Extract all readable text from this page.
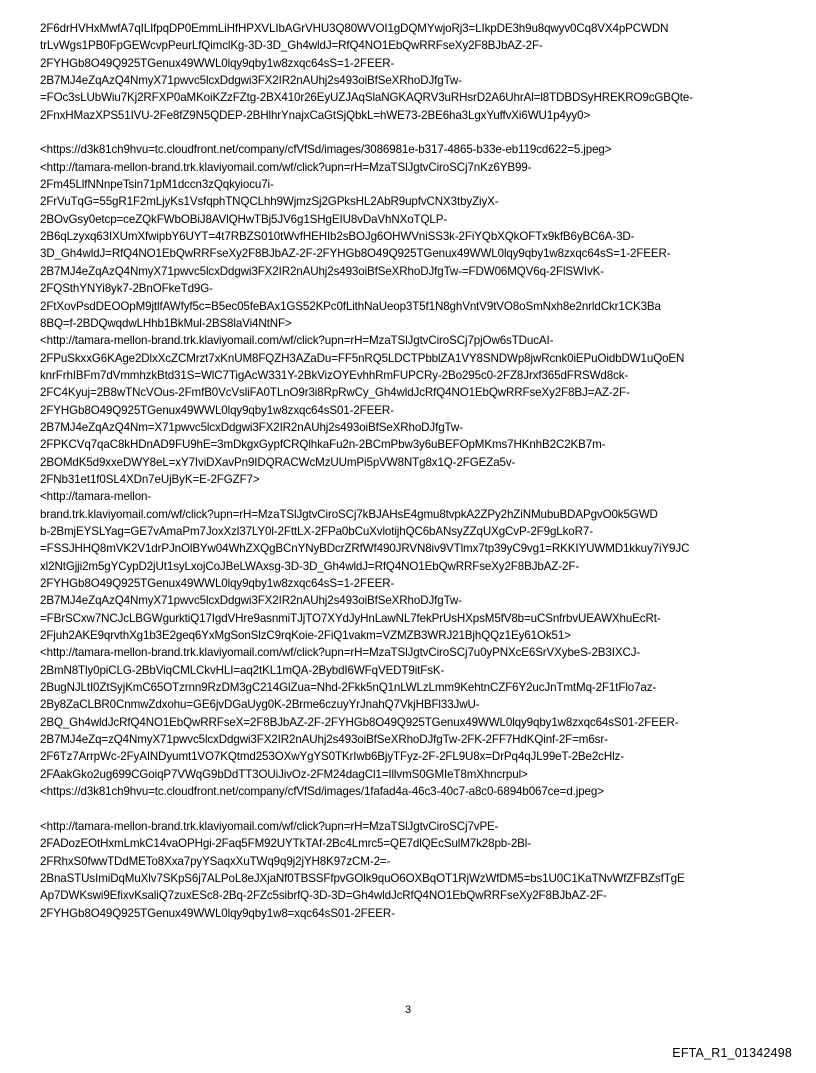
2F6drHVHxMwfA7qILIfpqDP0EmmLiHfHPXVLIbAGrVHU3Q80WVOI1gDQMYwjoRj3=LIkpDE3h9u8qwyv0Cq8VX4pPCWDN
trLvWgs1PB0FpGEWcvpPeurLfQimclKg-3D-3D_Gh4wldJ=RfQ4NO1EbQwRRFseXy2F8BJbAZ-2F-
2FYHGb8O49Q925TGenux49WWL0lqy9qby1w8zxqc64sS=1-2FEER-
2B7MJ4eZqAzQ4NmyX71pwvc5lcxDdgwi3FX2IR2nAUhj2s493oiBfSeXRhoDJfgTw-
=FOc3sLUbWiu7Kj2RFXP0aMKoiKZzFZtg-2BX410r26EyUZJAqSlaNGKAQRV3uRHsrD2A6UhrAl=l8TDBDSyHREKRO9cGBQte-
2FnxHMazXPS51IVU-2Fe8fZ9N5QDEP-2BHlhrYnajxCaGtSjQbkL=hWE73-2BE6ha3LgxYuffvXi6WU1p4yy0>
<https://d3k81ch9hvu=tc.cloudfront.net/company/cfVfSd/images/3086981e-b317-4865-b33e-eb119cd622=5.jpeg>
<http://tamara-mellon-brand.trk.klaviyomail.com/wf/click?upn=rH=MzaTSlJgtvCiroSCj7nKz6YB99-
2Fm45LlfNNnpeTsin71pM1dccn3zQqkyiocu7i-
2FrVuTqG=55gR1F2mLjyKs1VsfqphTNQCLhh9WjmzSj2GPksHL2AbR9upfvCNX3tbyZiyX-
2BOvGsy0etcp=ceZQkFWbOBiJ8AVlQHwTBj5JV6g1SHgEIU8vDaVhNXoTQLP-
2B6qLzyxq63IXUmXfwipbY6UYT=4t7RBZS010tWvfHEHIb2sBOJg6OHWVniSS3k-2FiYQbXQkOFTx9kfB6yBC6A-3D-
3D_Gh4wldJ=RfQ4NO1EbQwRRFseXy2F8BJbAZ-2F-2FYHGb8O49Q925TGenux49WWL0lqy9qby1w8zxqc64sS=1-2FEER-
2B7MJ4eZqAzQ4NmyX71pwvc5lcxDdgwi3FX2IR2nAUhj2s493oiBfSeXRhoDJfgTw-=FDW06MQV6q-2FlSWIvK-
2FQSthYNYi8yk7-2BnOFkeTd9G-
2FtXovPsdDEOOpM9jtlfAWfyf5c=B5ec05feBAx1GS52KPc0fLithNaUeop3T5f1N8ghVntV9tVO8oSmNxh8e2nrldCkr1CK3Ba
8BQ=f-2BDQwqdwLHhb1BkMul-2BS8laVi4NtNF>
<http://tamara-mellon-brand.trk.klaviyomail.com/wf/click?upn=rH=MzaTSlJgtvCiroSCj7pjOw6sTDucAI-
2FPuSkxxG6KAge2DlxXcZCMrzt7xKnUM8FQZH3AZaDu=FF5nRQ5LDCTPbblZA1VY8SNDWp8jwRcnk0iEPuOidbDW1uQoEN
knrFrhIBFm7dVmmhzkBtd31S=WlC7TigAcW331Y-2BkVizOYEvhhRmFUPCRy-2Bo295c0-2FZ8Jrxf365dFRSWd8ck-
2FC4Kyuj=2B8wTNcVOus-2FmfB0VcVsliFA0TLnO9r3i8RpRwCy_Gh4wldJcRfQ4NO1EbQwRRFseXy2F8BJ=AZ-2F-
2FYHGb8O49Q925TGenux49WWL0lqy9qby1w8zxqc64sS01-2FEER-
2B7MJ4eZqAzQ4Nm=X71pwvc5lcxDdgwi3FX2IR2nAUhj2s493oiBfSeXRhoDJfgTw-
2FPKCVq7qaC8kHDnAD9FU9hE=3mDkgxGypfCRQlhkaFu2n-2BCmPbw3y6uBEFOpMKms7HKnhB2C2KB7m-
2BOMdK5d9xxeDWY8eL=xY7IviDXavPn9IDQRACWcMzUUmPi5pVW8NTg8x1Q-2FGEZa5v-
2FNb31et1f0SL4XDn7eUjByK=E-2FGZF7>
<http://tamara-mellon-
brand.trk.klaviyomail.com/wf/click?upn=rH=MzaTSlJgtvCiroSCj7kBJAHsE4gmu8tvpkA2ZPy2hZiNMubuBDAPgvO0k5GWD
b-2BmjEYSLYag=GE7vAmaPm7JoxXzl37LY0l-2FttLX-2FPa0bCuXvlotijhQC6bANsyZZqUXgCvP-2F9gLkoR7-
=FSSJHHQ8mVK2V1drPJnOlBYw04WhZXQgBCnYNyBDcrZRfWf490JRVN8iv9VTlmx7tp39yC9vg1=RKKIYUWMD1kkuy7iY9JC
xl2NtGjji2m5gYCypD2jUt1syLxojCoJBeLWAxsg-3D-3D_Gh4wldJ=RfQ4NO1EbQwRRFseXy2F8BJbAZ-2F-
2FYHGb8O49Q925TGenux49WWL0lqy9qby1w8zxqc64sS=1-2FEER-
2B7MJ4eZqAzQ4NmyX71pwvc5lcxDdgwi3FX2IR2nAUhj2s493oiBfSeXRhoDJfgTw-
=FBrSCxw7NCJcLBGWgurktiQ17IgdVHre9asnmiTJjTO7XYdJyHnLawNL7fekPrUsHXpsM5fV8b=uCSnfrbvUEAWXhuEcRt-
2Fjuh2AKE9qrvthXg1b3E2geq6YxMgSonSlzC9rqKoie-2FiQ1vakm=VZMZB3WRJ21BjhQQz1Ey61Ok51>
<http://tamara-mellon-brand.trk.klaviyomail.com/wf/click?upn=rH=MzaTSlJgtvCiroSCj7u0yPNXcE6SrVXybeS-2B3IXCJ-
2BmN8Tly0piCLG-2BbViqCMLCkvHLI=aq2tKL1mQA-2BybdI6WFqVEDT9itFsK-
2BugNJLtI0ZtSyjKmC65OTzrnn9RzDM3gC214GlZua=Nhd-2Fkk5nQ1nLWLzLmm9KehtnCZF6Y2ucJnTmtMq-2F1tFlo7az-
2By8ZaCLBR0CnmwZdxohu=GE6jvDGaUyg0K-2Brme6czuyYrJnahQ7VkjHBFl33JwU-
2BQ_Gh4wldJcRfQ4NO1EbQwRRFseX=2F8BJbAZ-2F-2FYHGb8O49Q925TGenux49WWL0lqy9qby1w8zxqc64sS01-2FEER-
2B7MJ4eZq=zQ4NmyX71pwvc5lcxDdgwi3FX2IR2nAUhj2s493oiBfSeXRhoDJfgTw-2FK-2FF7HdKQinf-2F=m6sr-
2F6Tz7ArrpWc-2FyAINDyumt1VO7KQtmd253OXwYgYS0TKrIwb6BjyTFyz-2F-2FL9U8x=DrPq4qJL99eT-2Be2cHlz-
2FAakGko2ug699CGoiqP7VWqG9bDdTT3OUiJivOz-2FM24dagCl1=IllvmS0GMIeT8mXhncrpul>
<https://d3k81ch9hvu=tc.cloudfront.net/company/cfVfSd/images/1fafad4a-46c3-40c7-a8c0-6894b067ce=d.jpeg>
<http://tamara-mellon-brand.trk.klaviyomail.com/wf/click?upn=rH=MzaTSlJgtvCiroSCj7vPE-
2FADozEOtHxmLmkC14vaOPHgi-2Faq5FM92UYTkTAf-2Bc4Lmrc5=QE7dlQEcSulM7k28pb-2Bl-
2FRhxS0fwwTDdMETo8Xxa7pyYSaqxXuTWq9q9j2jYH8K97zCM-2=-
2BnaSTUsImiDqMuXlv7SKpS6j7ALPoL8eJXjaNf0TBSSFfpvGOlk9quO6OXBqOT1RjWzWfDM5=bs1U0C1KaTNvWfZFBZsfTgE
Ap7DWKswi9EfixvKsaliQ7zuxESc8-2Bq-2FZc5sibrfQ-3D-3D=Gh4wldJcRfQ4NO1EbQwRRFseXy2F8BJbAZ-2F-
2FYHGb8O49Q925TGenux49WWL0lqy9qby1w8=xqc64sS01-2FEER-
3
EFTA_R1_01342498
